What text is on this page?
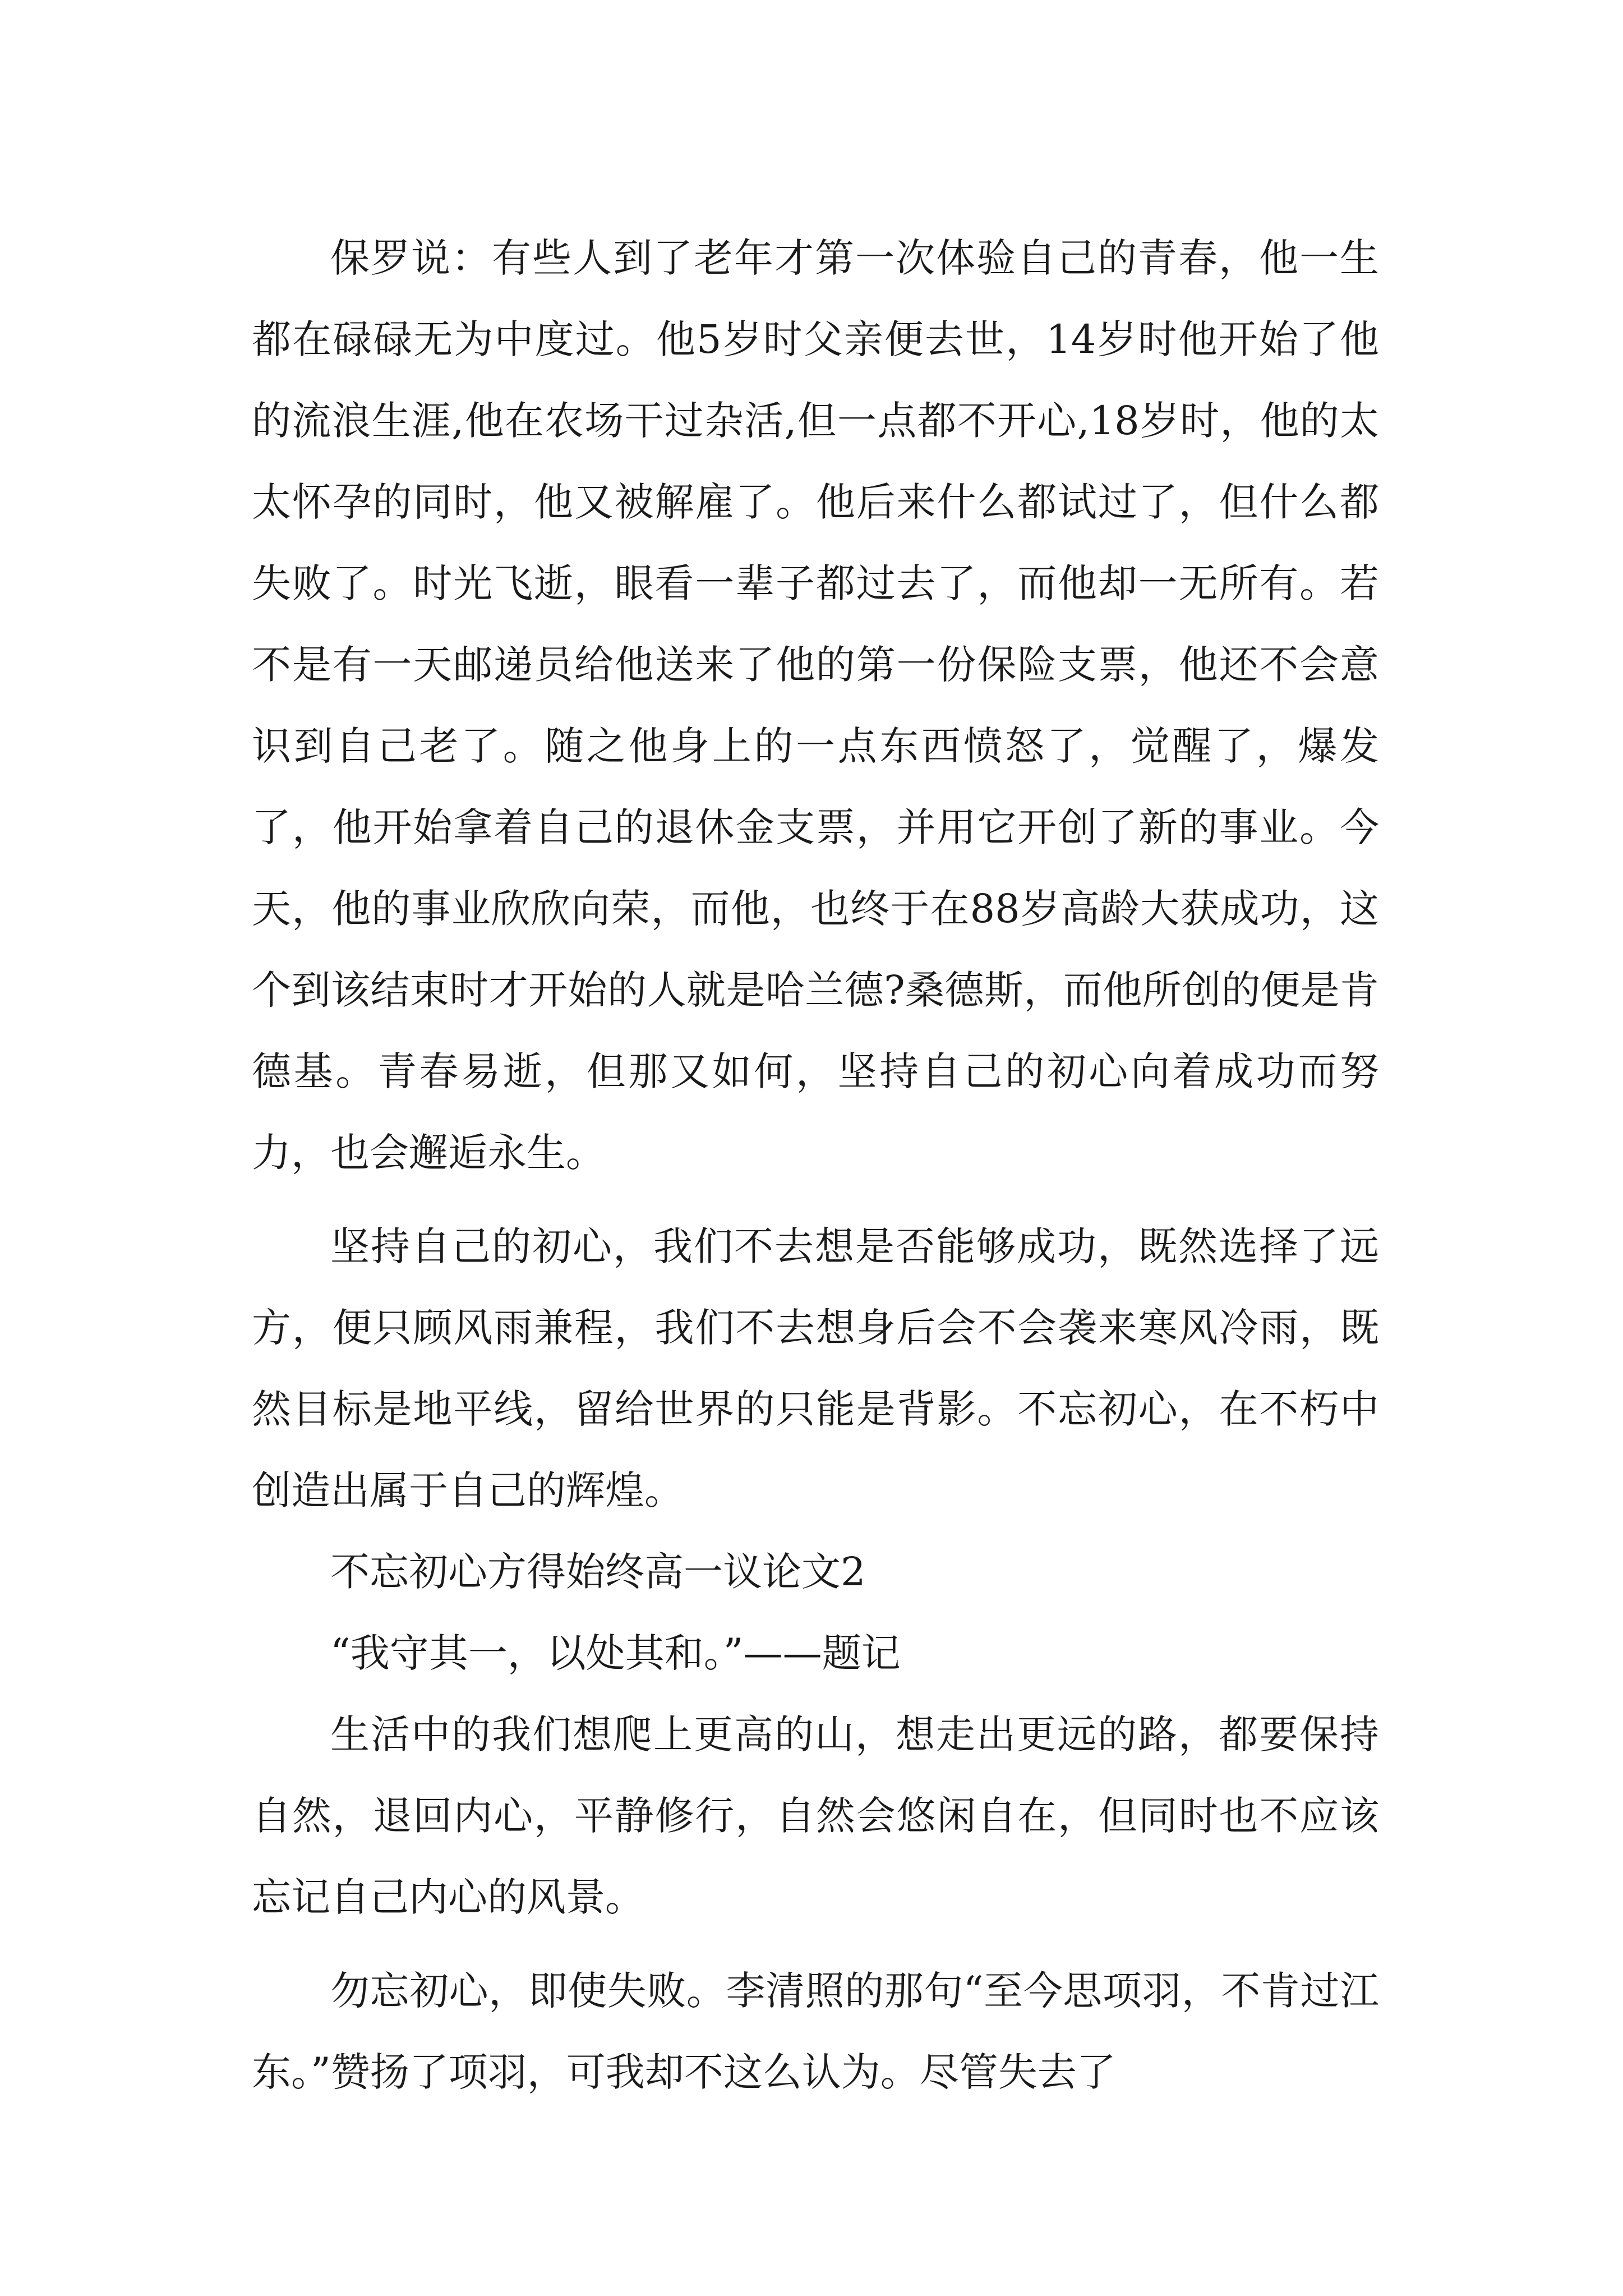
保罗说：有些人到了老年才第一次体验自己的青春，他一生都在碌碌无为中度过。他5岁时父亲便去世，14岁时他开始了他的流浪生涯,他在农场干过杂活,但一点都不开心,18岁时，他的太太怀孕的同时，他又被解雇了。他后来什么都试过了，但什么都失败了。时光飞逝，眼看一辈子都过去了，而他却一无所有。若不是有一天邮递员给他送来了他的第一份保险支票，他还不会意识到自己老了。随之他身上的一点东西愤怒了，觉醒了，爆发了，他开始拿着自己的退休金支票，并用它开创了新的事业。今天，他的事业欣欣向荣，而他，也终于在88岁高龄大获成功，这个到该结束时才开始的人就是哈兰德?桑德斯，而他所创的便是肯德基。青春易逝，但那又如何，坚持自己的初心向着成功而努力，也会邂逅永生。

坚持自己的初心，我们不去想是否能够成功，既然选择了远方，便只顾风雨兼程，我们不去想身后会不会袭来寒风冷雨，既然目标是地平线，留给世界的只能是背影。不忘初心，在不朽中创造出属于自己的辉煌。

不忘初心方得始终高一议论文2

“我守其一，以处其和。”——题记

生活中的我们想爬上更高的山，想走出更远的路，都要保持自然，退回内心，平静修行，自然会悠闲自在，但同时也不应该忘记自己内心的风景。

勿忘初心，即使失败。李清照的那句“至今思项羽，不肯过江东。”赞扬了项羽，可我却不这么认为。尽管失去了
